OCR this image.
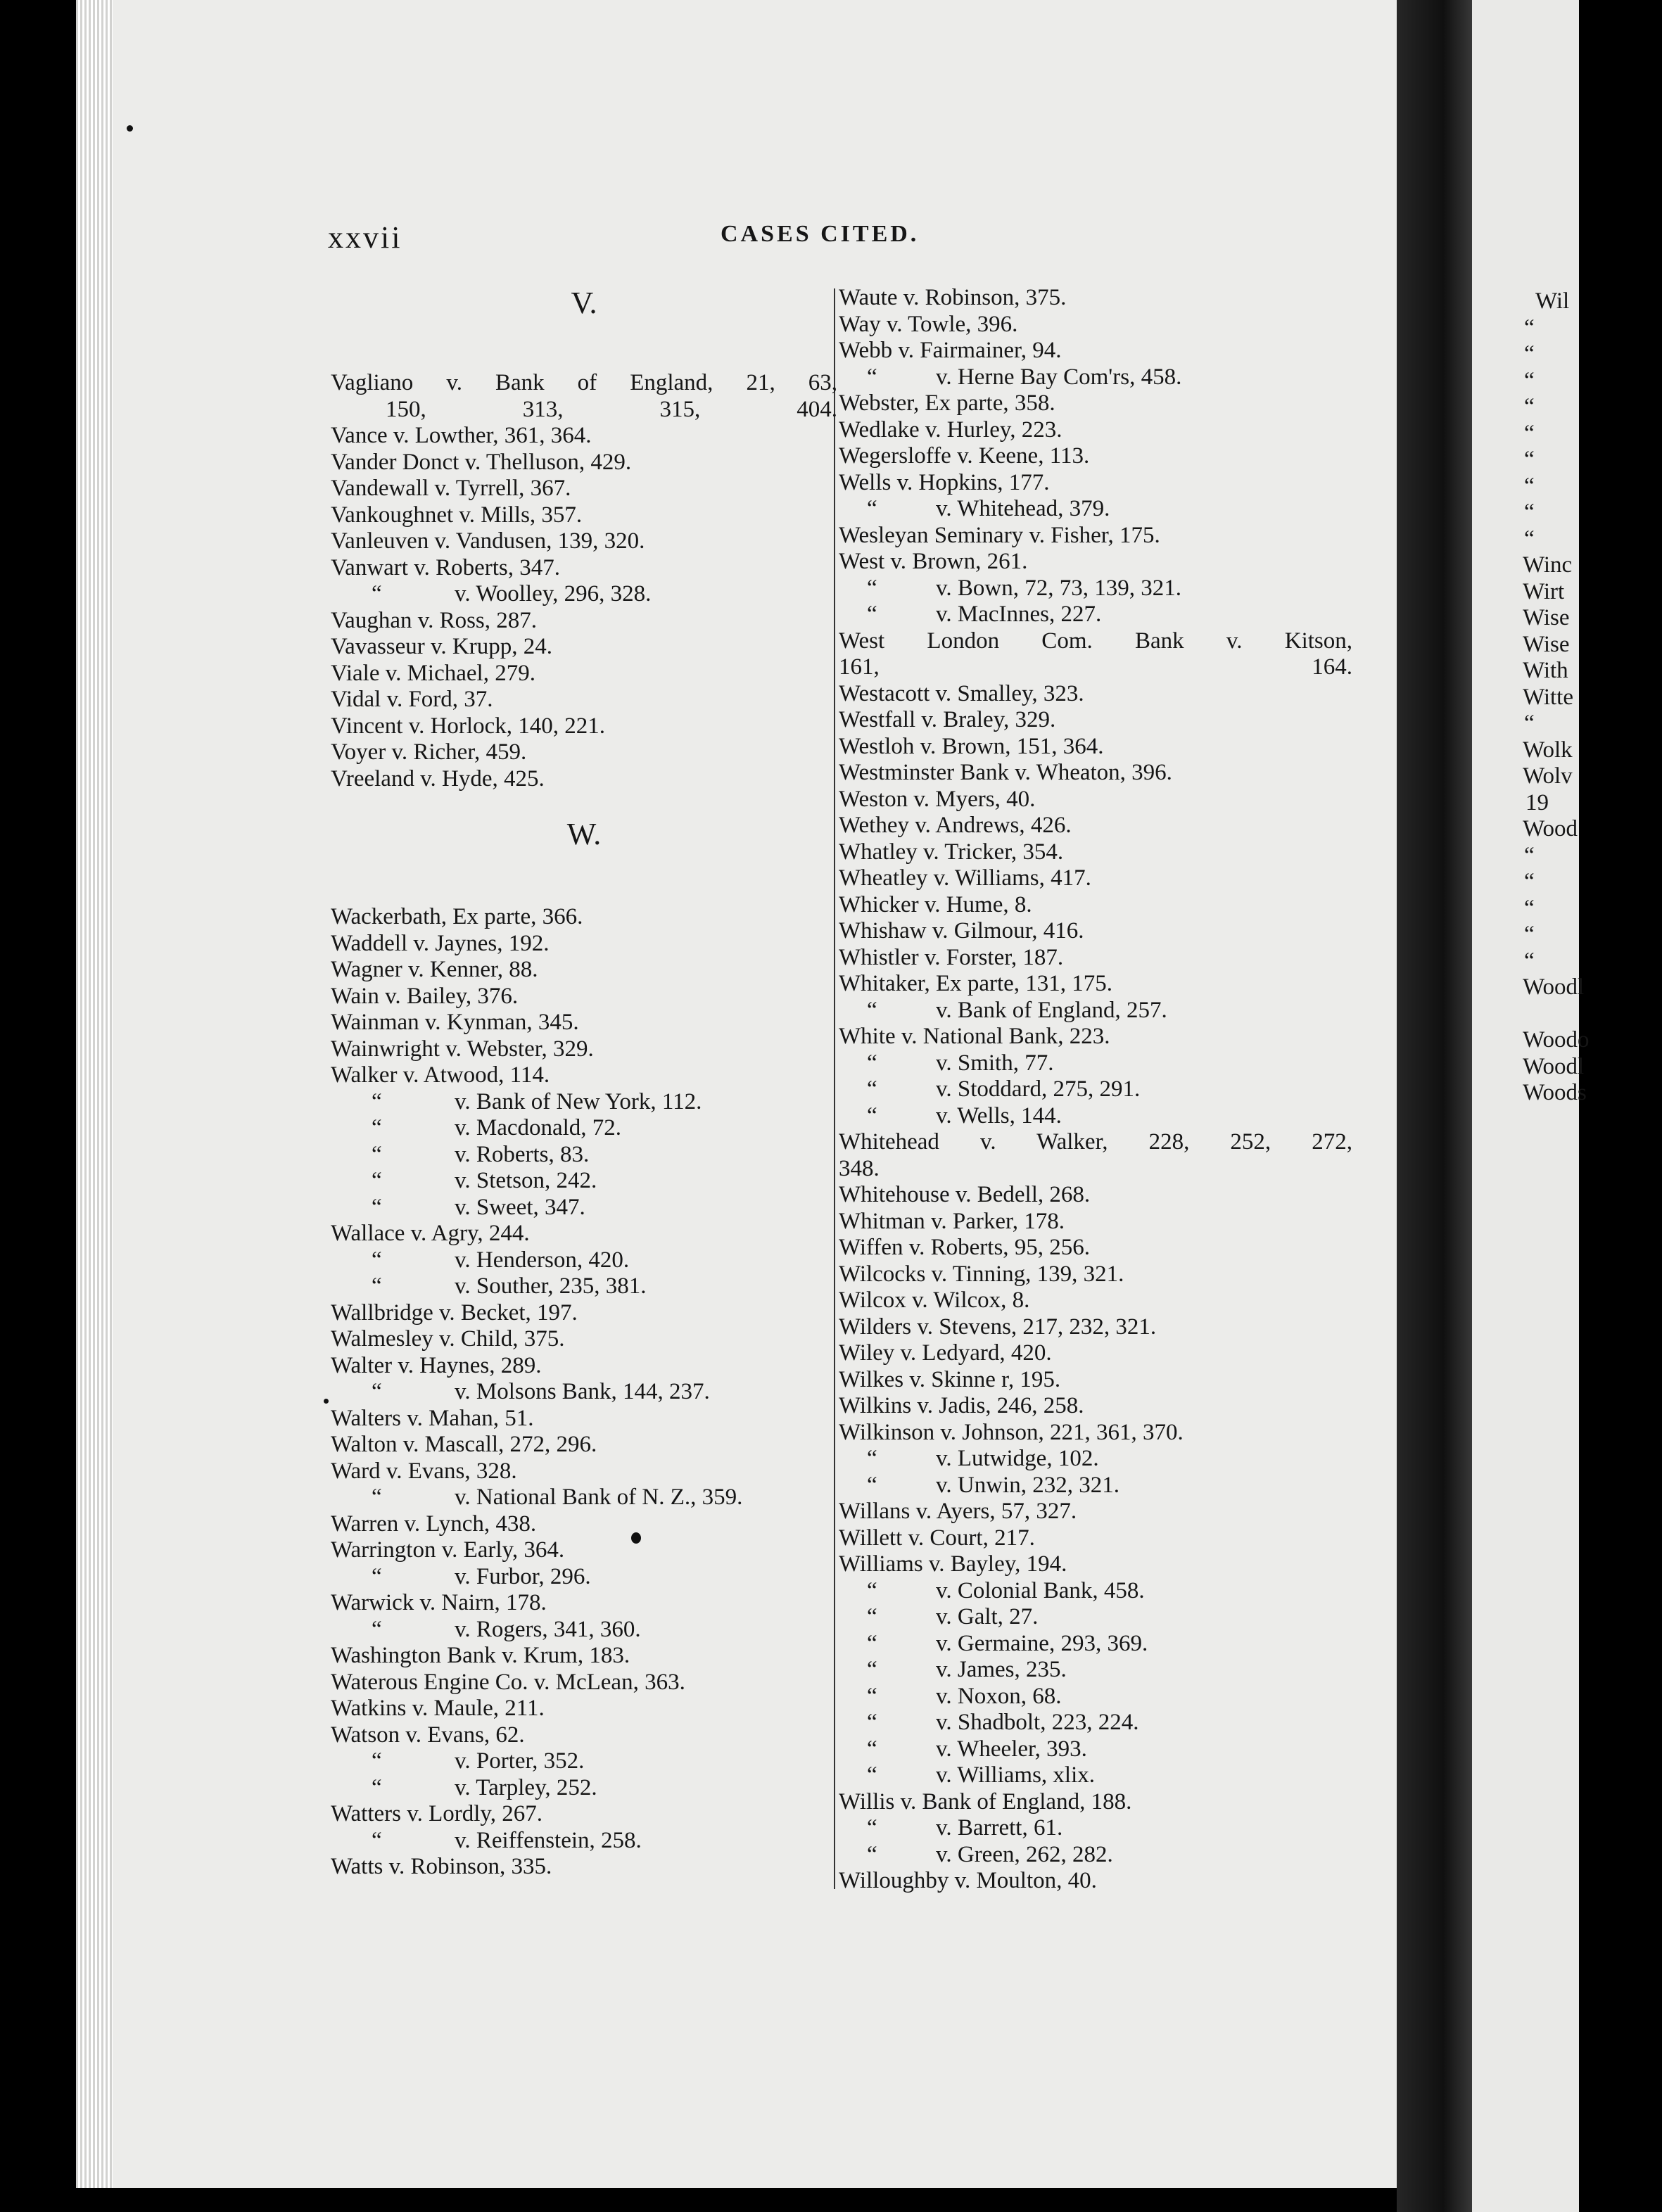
Wil
“
“
“
“
“
“
“
“
“
Winc
Wirt
Wise
Wise
With
Witte
“
Wolk
Wolv
19
Wood
“
“
“
“
“
Woodl
Woodo
Woodl
Woods
xxvii	CASES CITED.
V.
Vagliano v. Bank of England, 21, 63,
150, 313, 315, 404.
Vance v. Lowther, 361, 364.
Vander Donct v. Thelluson, 429.
Vandewall v. Tyrrell, 367.
Vankoughnet v. Mills, 357.
Vanleuven v. Vandusen, 139, 320.
Vanwart v. Roberts, 347.
“	v. Woolley, 296, 328.
Vaughan v. Ross, 287.
Vavasseur v. Krupp, 24.
Viale v. Michael, 279.
Vidal v. Ford, 37.
Vincent v. Horlock, 140, 221.
Voyer v. Richer, 459.
Vreeland v. Hyde, 425.
W.
Wackerbath, Ex parte, 366.
Waddell v. Jaynes, 192.
Wagner v. Kenner, 88.
Wain v. Bailey, 376.
Wainman v. Kynman, 345.
Wainwright v. Webster, 329.
Walker v. Atwood, 114.
“	v. Bank of New York, 112.
“	v. Macdonald, 72.
“	v. Roberts, 83.
“	v. Stetson, 242.
“	v. Sweet, 347.
Wallace v. Agry, 244.
“	v. Henderson, 420.
“	v. Souther, 235, 381.
Wallbridge v. Becket, 197.
Walmesley v. Child, 375.
Walter v. Haynes, 289.
“	v. Molsons Bank, 144, 237.
Walters v. Mahan, 51.
Walton v. Mascall, 272, 296.
Ward v. Evans, 328.
“	v. National Bank of N. Z., 359.
Warren v. Lynch, 438.
Warrington v. Early, 364.
“	v. Furbor, 296.
Warwick v. Nairn, 178.
“	v. Rogers, 341, 360.
Washington Bank v. Krum, 183.
Waterous Engine Co. v. McLean, 363.
Watkins v. Maule, 211.
Watson v. Evans, 62.
“	v. Porter, 352.
“	v. Tarpley, 252.
Watters v. Lordly, 267.
“	v. Reiffenstein, 258.
Watts v. Robinson, 335.
Waute v. Robinson, 375.
Way v. Towle, 396.
Webb v. Fairmainer, 94.
“	v. Herne Bay Com'rs, 458.
Webster, Ex parte, 358.
Wedlake v. Hurley, 223.
Wegersloffe v. Keene, 113.
Wells v. Hopkins, 177.
“	v. Whitehead, 379.
Wesleyan Seminary v. Fisher, 175.
West v. Brown, 261.
“	v. Bown, 72, 73, 139, 321.
“	v. MacInnes, 227.
West London Com. Bank v. Kitson,
161, 164.
Westacott v. Smalley, 323.
Westfall v. Braley, 329.
Westloh v. Brown, 151, 364.
Westminster Bank v. Wheaton, 396.
Weston v. Myers, 40.
Wethey v. Andrews, 426.
Whatley v. Tricker, 354.
Wheatley v. Williams, 417.
Whicker v. Hume, 8.
Whishaw v. Gilmour, 416.
Whistler v. Forster, 187.
Whitaker, Ex parte, 131, 175.
“	v. Bank of England, 257.
White v. National Bank, 223.
“	v. Smith, 77.
“	v. Stoddard, 275, 291.
“	v. Wells, 144.
Whitehead v. Walker, 228, 252, 272,
348.
Whitehouse v. Bedell, 268.
Whitman v. Parker, 178.
Wiffen v. Roberts, 95, 256.
Wilcocks v. Tinning, 139, 321.
Wilcox v. Wilcox, 8.
Wilders v. Stevens, 217, 232, 321.
Wiley v. Ledyard, 420.
Wilkes v. Skinne r, 195.
Wilkins v. Jadis, 246, 258.
Wilkinson v. Johnson, 221, 361, 370.
“	v. Lutwidge, 102.
“	v. Unwin, 232, 321.
Willans v. Ayers, 57, 327.
Willett v. Court, 217.
Williams v. Bayley, 194.
“	v. Colonial Bank, 458.
“	v. Galt, 27.
“	v. Germaine, 293, 369.
“	v. James, 235.
“	v. Noxon, 68.
“	v. Shadbolt, 223, 224.
“	v. Wheeler, 393.
“	v. Williams, xlix.
Willis v. Bank of England, 188.
“	v. Barrett, 61.
“	v. Green, 262, 282.
Willoughby v. Moulton, 40.
